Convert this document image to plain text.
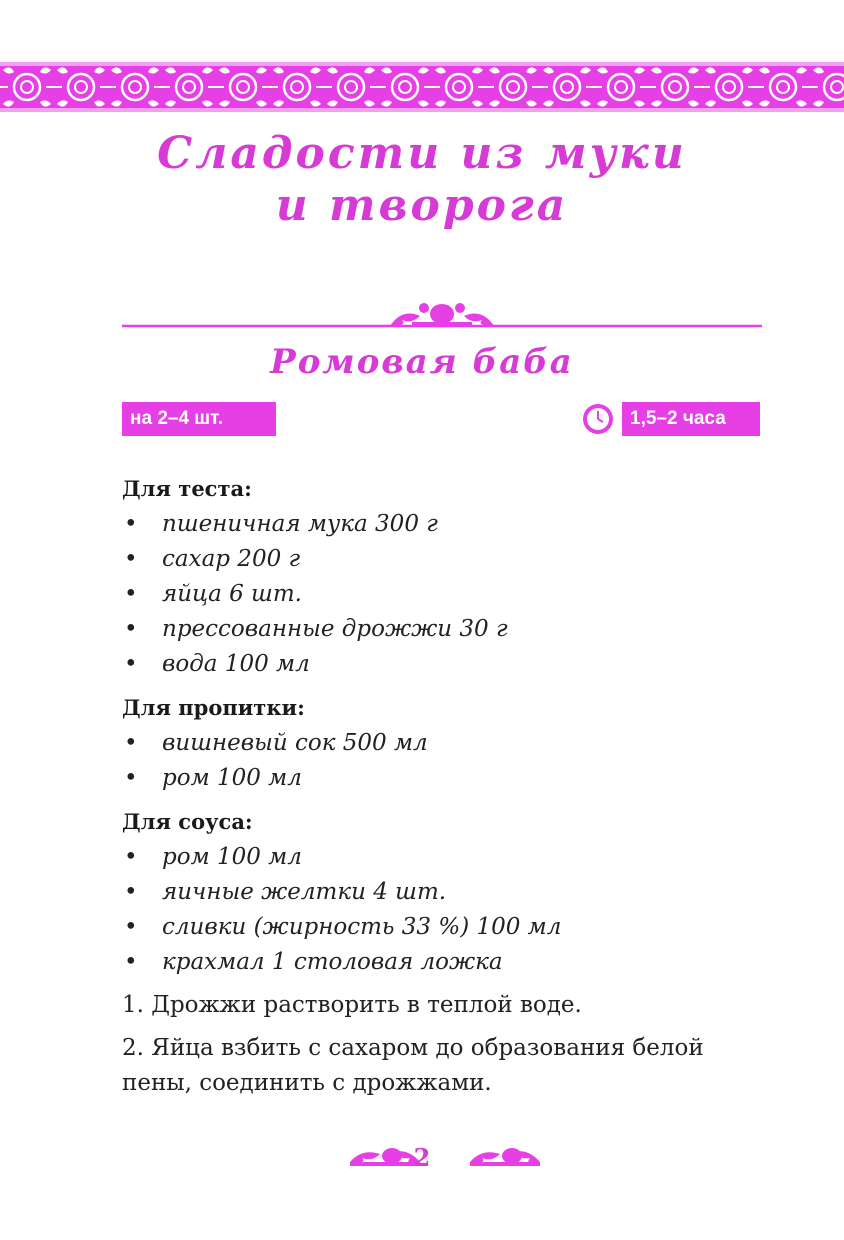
Сладости из муки
и творога
Ромовая баба
на 2–4 шт.	1,5–2 часа

Для теста:

• пшеничная мука 300 г
• сахар 200 г
• яйца 6 шт.
• прессованные дрожжи 30 г
• вода 100 мл

Для пропитки:

• вишневый сок 500 мл
• ром 100 мл

Для соуса:

• ром 100 мл
• яичные желтки 4 шт.
• сливки (жирность 33 %) 100 мл
• крахмал 1 столовая ложка

1. Дрожжи растворить в теплой воде.

2. Яйца взбить с сахаром до образования белой пены, соединить с дрожжами.

2
